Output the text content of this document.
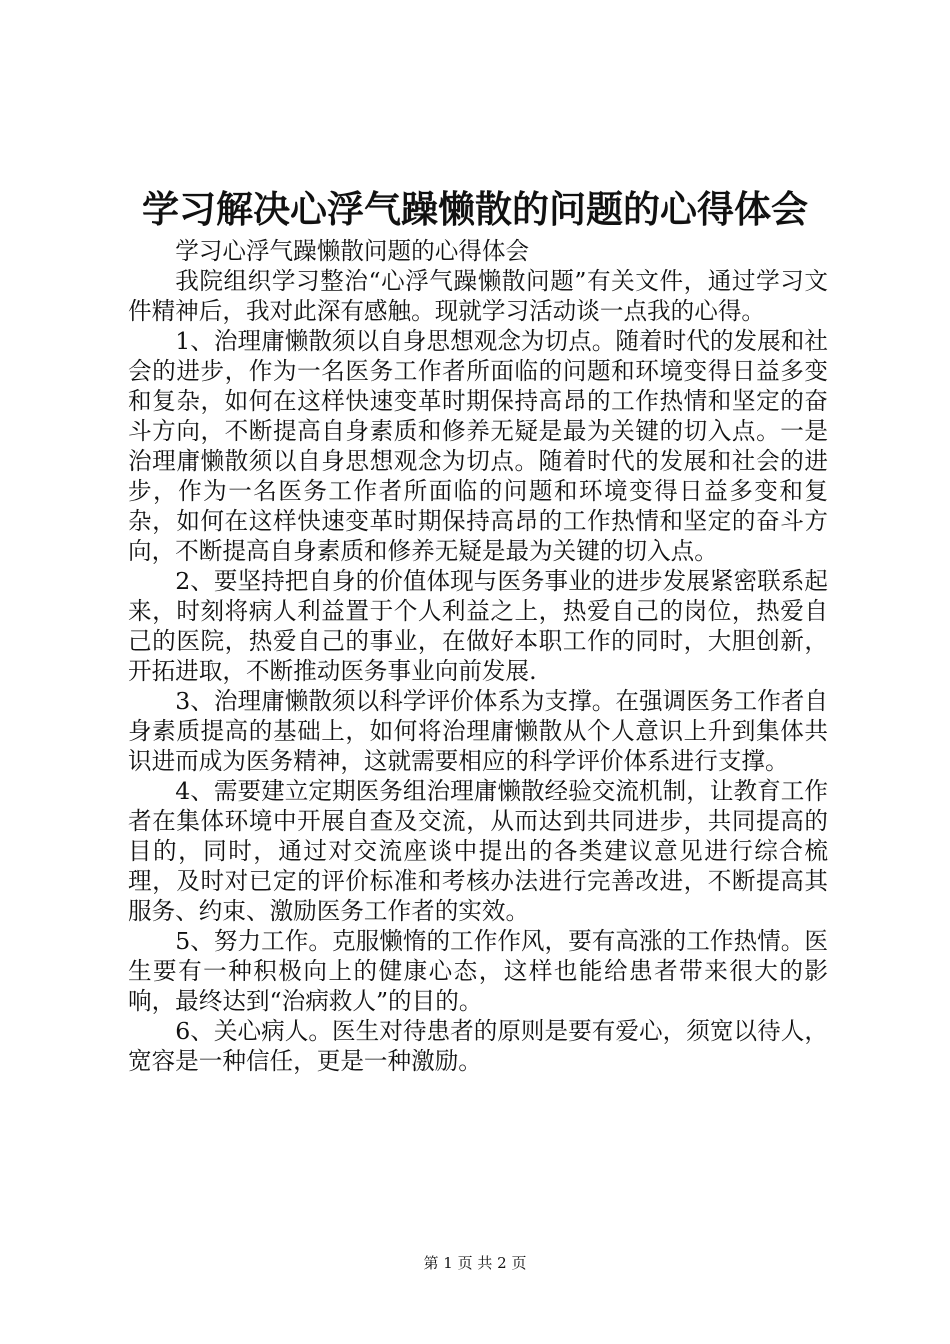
学习解决心浮气躁懒散的问题的心得体会

学习心浮气躁懒散问题的心得体会

我院组织学习整治“心浮气躁懒散问题”有关文件，通过学习文件精神后，我对此深有感触。现就学习活动谈一点我的心得。

1、治理庸懒散须以自身思想观念为切点。随着时代的发展和社会的进步，作为一名医务工作者所面临的问题和环境变得日益多变和复杂，如何在这样快速变革时期保持高昂的工作热情和坚定的奋斗方向，不断提高自身素质和修养无疑是最为关键的切入点。一是治理庸懒散须以自身思想观念为切点。随着时代的发展和社会的进步，作为一名医务工作者所面临的问题和环境变得日益多变和复杂，如何在这样快速变革时期保持高昂的工作热情和坚定的奋斗方向，不断提高自身素质和修养无疑是最为关键的切入点。

2、要坚持把自身的价值体现与医务事业的进步发展紧密联系起来，时刻将病人利益置于个人利益之上，热爱自己的岗位，热爱自己的医院，热爱自己的事业，在做好本职工作的同时，大胆创新，开拓进取，不断推动医务事业向前发展.

3、治理庸懒散须以科学评价体系为支撑。在强调医务工作者自身素质提高的基础上，如何将治理庸懒散从个人意识上升到集体共识进而成为医务精神，这就需要相应的科学评价体系进行支撑。

4、需要建立定期医务组治理庸懒散经验交流机制，让教育工作者在集体环境中开展自查及交流，从而达到共同进步，共同提高的目的，同时，通过对交流座谈中提出的各类建议意见进行综合梳理，及时对已定的评价标准和考核办法进行完善改进，不断提高其服务、约束、激励医务工作者的实效。

5、努力工作。克服懒惰的工作作风，要有高涨的工作热情。医生要有一种积极向上的健康心态，这样也能给患者带来很大的影响，最终达到“治病救人”的目的。

6、关心病人。医生对待患者的原则是要有爱心，须宽以待人，宽容是一种信任，更是一种激励。

第 1 页 共 2 页
